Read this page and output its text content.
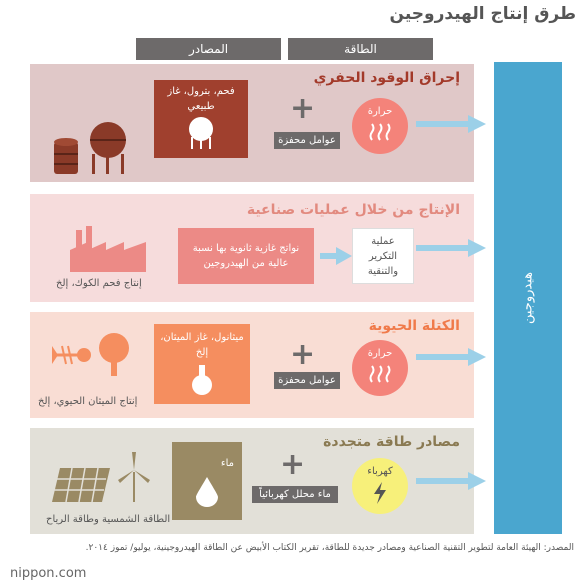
طرق إنتاج الهيدروجين
الطاقة
المصادر
إحراق الوقود الحفري
فحم، بترول، غاز طبيعي	+
عوامل محفزة
حرارة
الإنتاج من خلال عمليات صناعية
إنتاج فحم الكوك، إلخ
نواتج غازية ثانوية بها نسبة عالية من الهيدروجين
عملية التكرير والتنقية
الكتلة الحيوية
إنتاج الميثان الحيوي، إلخ
ميثانول، غاز الميثان، إلخ	+
عوامل محفزة
حرارة
مصادر طاقة متجددة
الطاقة الشمسية وطاقة الرياح
ماء +
ماء محلل كهربائياً
كهرباء
هيدروجين
المصدر: الهيئة العامة لتطوير التقنية الصناعية ومصادر جديدة للطاقة، تقرير الكتاب الأبيض عن الطاقة الهيدروجينية، يوليو/ تموز ٢٠١٤.
nippon.com
